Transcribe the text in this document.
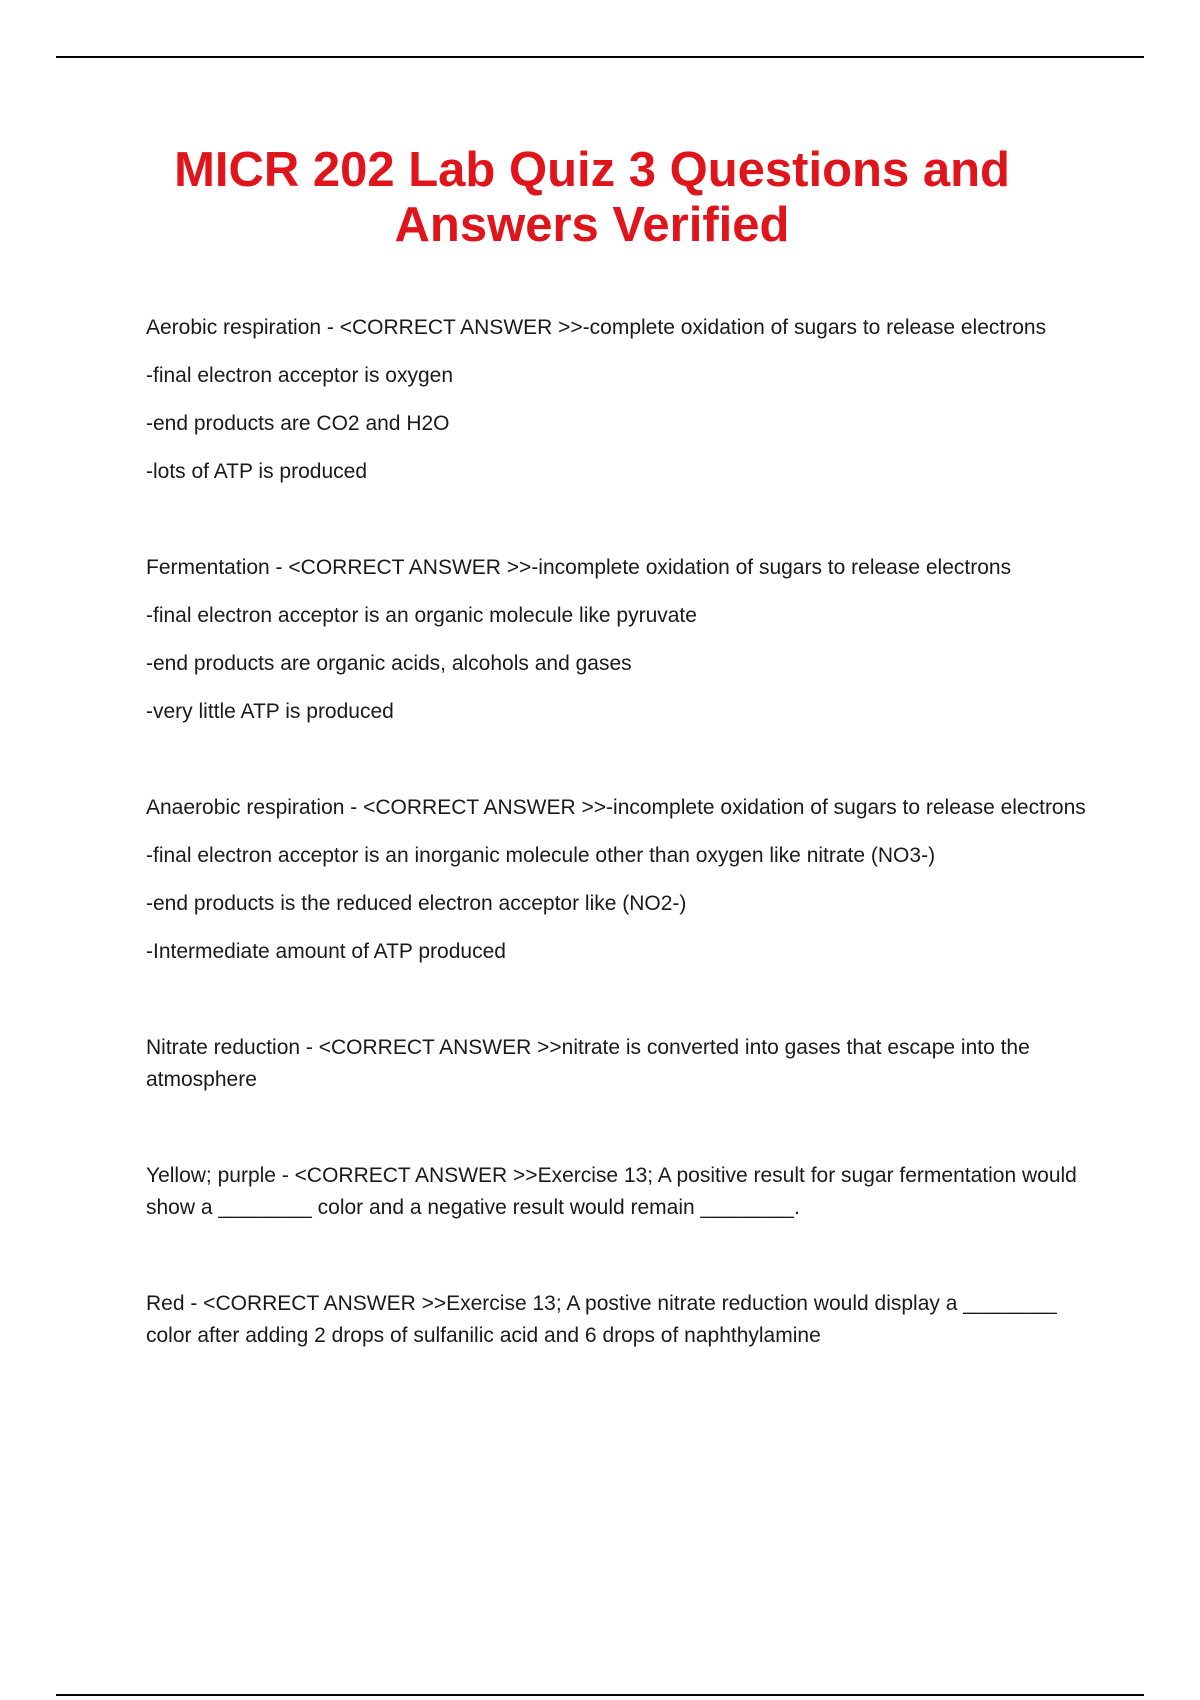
MICR 202 Lab Quiz 3 Questions and
Answers Verified

Aerobic respiration - <CORRECT ANSWER >>-complete oxidation of sugars to release electrons

-final electron acceptor is oxygen

-end products are CO2 and H2O

-lots of ATP is produced

Fermentation - <CORRECT ANSWER >>-incomplete oxidation of sugars to release electrons

-final electron acceptor is an organic molecule like pyruvate

-end products are organic acids, alcohols and gases

-very little ATP is produced

Anaerobic respiration - <CORRECT ANSWER >>-incomplete oxidation of sugars to release electrons

-final electron acceptor is an inorganic molecule other than oxygen like nitrate (NO3-)

-end products is the reduced electron acceptor like (NO2-)

-Intermediate amount of ATP produced

Nitrate reduction - <CORRECT ANSWER >>nitrate is converted into gases that escape into the atmosphere

Yellow; purple - <CORRECT ANSWER >>Exercise 13; A positive result for sugar fermentation would show a ________ color and a negative result would remain ________.

Red - <CORRECT ANSWER >>Exercise 13; A postive nitrate reduction would display a ________ color after adding 2 drops of sulfanilic acid and 6 drops of naphthylamine
